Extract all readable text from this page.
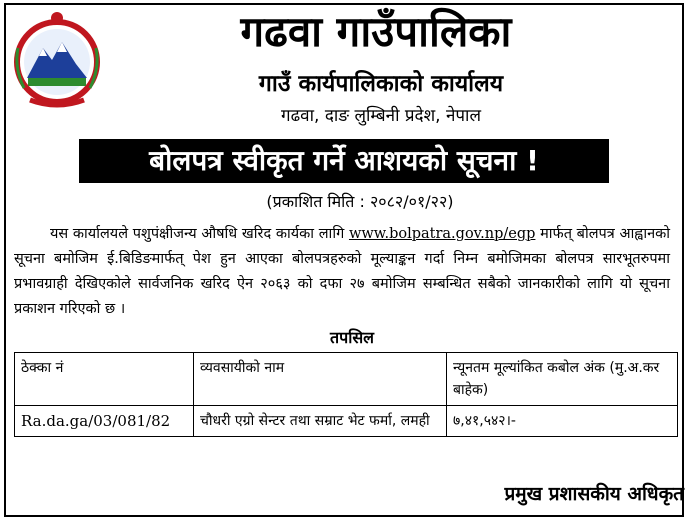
गढवा गाउँपालिका
गाउँ कार्यपालिकाको कार्यालय
गढवा, दाङ लुम्बिनी प्रदेश, नेपाल
बोलपत्र स्वीकृत गर्ने आशयको सूचना !
(प्रकाशित मिति : २०८२/०१/२२)
यस कार्यालयले पशुपंक्षीजन्य औषधि खरिद कार्यका लागि www.bolpatra.gov.np/egp मार्फत् बोलपत्र आह्वानको सूचना बमोजिम ई.बिडिङमार्फत् पेश हुन आएका बोलपत्रहरुको मूल्याङ्कन गर्दा निम्न बमोजिमका बोलपत्र सारभूतरुपमा प्रभावग्राही देखिएकोले सार्वजनिक खरिद ऐन २०६३ को दफा २७ बमोजिम सम्बन्धित सबैको जानकारीको लागि यो सूचना प्रकाशन गरिएको छ ।
तपसिल
ठेक्का नं	व्यवसायीको नाम	न्यूनतम मूल्यांकित कबोल अंक (मु.अ.कर बाहेक)
Ra.da.ga/03/081/82	चौधरी एग्रो सेन्टर तथा सम्राट भेट फर्मा, लमही	७,४१,५४२।-
प्रमुख प्रशासकीय अधिकृत
